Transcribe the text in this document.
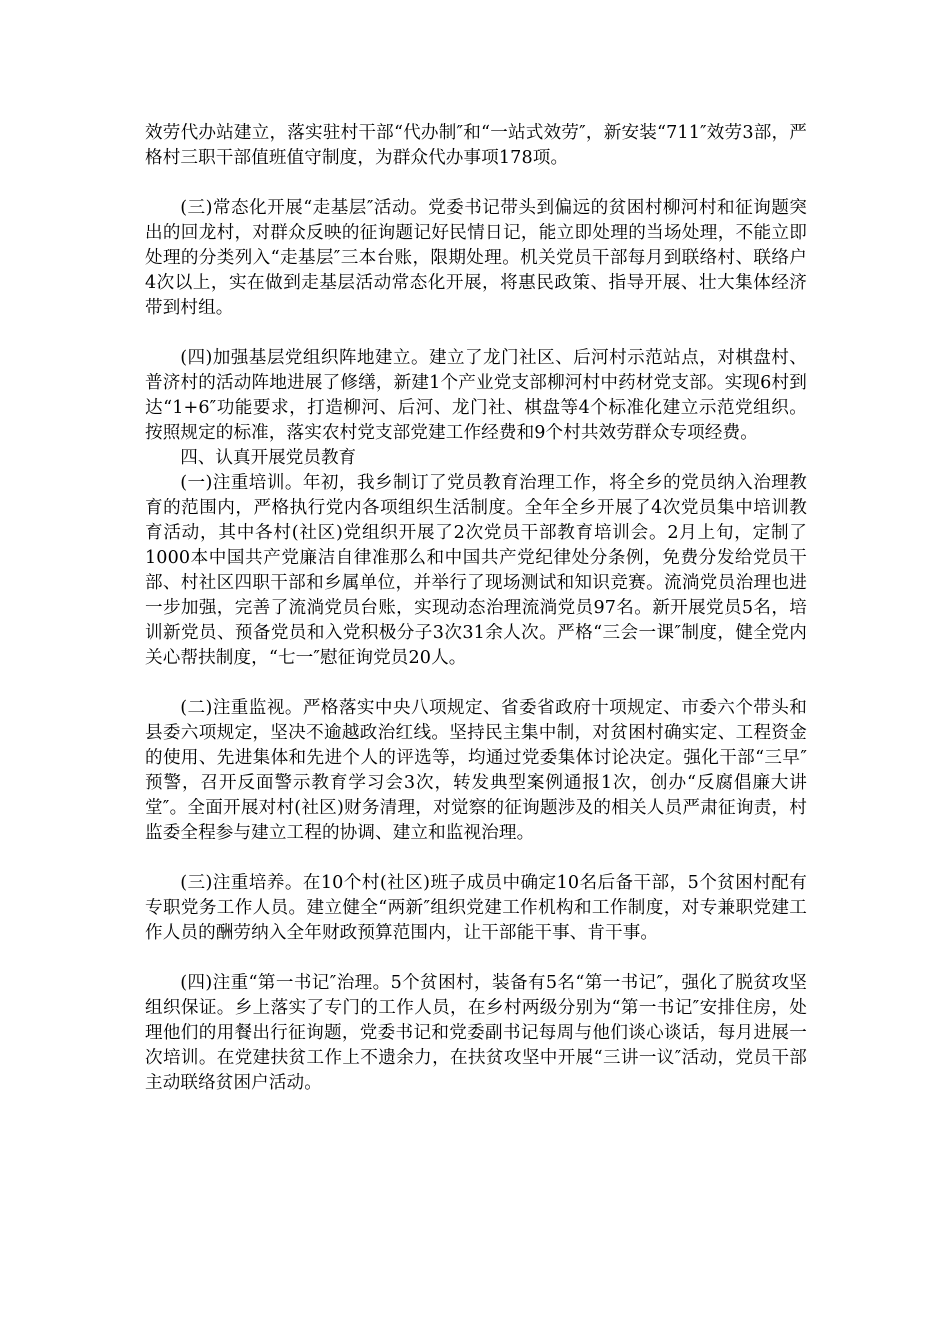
效劳代办站建立，落实驻村干部“代办制″和“一站式效劳″，新安装“711″效劳3部，严格村三职干部值班值守制度，为群众代办事项178项。

(三)常态化开展“走基层″活动。党委书记带头到偏远的贫困村柳河村和征询题突出的回龙村，对群众反映的征询题记好民情日记，能立即处理的当场处理，不能立即处理的分类列入“走基层″三本台账，限期处理。机关党员干部每月到联络村、联络户4次以上，实在做到走基层活动常态化开展，将惠民政策、指导开展、壮大集体经济带到村组。

(四)加强基层党组织阵地建立。建立了龙门社区、后河村示范站点，对棋盘村、普济村的活动阵地进展了修缮，新建1个产业党支部柳河村中药材党支部。实现6村到达“1+6″功能要求，打造柳河、后河、龙门社、棋盘等4个标准化建立示范党组织。按照规定的标准，落实农村党支部党建工作经费和9个村共效劳群众专项经费。

四、认真开展党员教育

(一)注重培训。年初，我乡制订了党员教育治理工作，将全乡的党员纳入治理教育的范围内，严格执行党内各项组织生活制度。全年全乡开展了4次党员集中培训教育活动，其中各村(社区)党组织开展了2次党员干部教育培训会。2月上旬，定制了1000本中国共产党廉洁自律准那么和中国共产党纪律处分条例，免费分发给党员干部、村社区四职干部和乡属单位，并举行了现场测试和知识竞赛。流淌党员治理也进一步加强，完善了流淌党员台账，实现动态治理流淌党员97名。新开展党员5名，培训新党员、预备党员和入党积极分子3次31余人次。严格“三会一课″制度，健全党内关心帮扶制度，“七一″慰征询党员20人。

(二)注重监视。严格落实中央八项规定、省委省政府十项规定、市委六个带头和县委六项规定，坚决不逾越政治红线。坚持民主集中制，对贫困村确实定、工程资金的使用、先进集体和先进个人的评选等，均通过党委集体讨论决定。强化干部“三早″预警，召开反面警示教育学习会3次，转发典型案例通报1次，创办“反腐倡廉大讲堂″。全面开展对村(社区)财务清理，对觉察的征询题涉及的相关人员严肃征询责，村监委全程参与建立工程的协调、建立和监视治理。

(三)注重培养。在10个村(社区)班子成员中确定10名后备干部，5个贫困村配有专职党务工作人员。建立健全“两新″组织党建工作机构和工作制度，对专兼职党建工作人员的酬劳纳入全年财政预算范围内，让干部能干事、肯干事。

(四)注重“第一书记″治理。5个贫困村，装备有5名“第一书记″，强化了脱贫攻坚组织保证。乡上落实了专门的工作人员，在乡村两级分别为“第一书记″安排住房，处理他们的用餐出行征询题，党委书记和党委副书记每周与他们谈心谈话，每月进展一次培训。在党建扶贫工作上不遗余力，在扶贫攻坚中开展“三讲一议″活动，党员干部主动联络贫困户活动。
